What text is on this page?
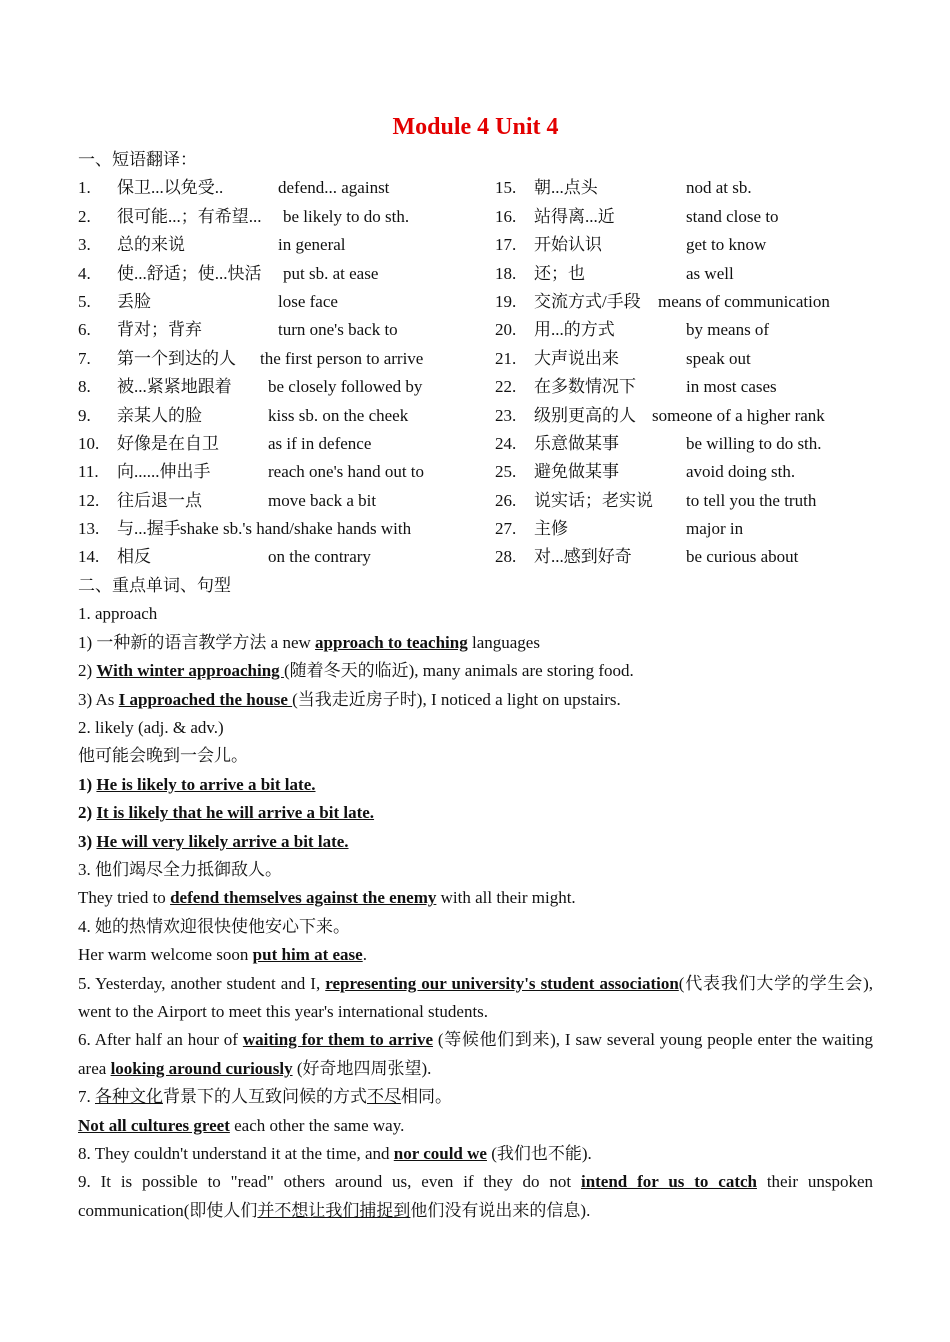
Module 4 Unit 4
一、短语翻译：
1. 保卫...以免受..	defend... against
2. 很可能...；有希望... be likely to do sth.
3. 总的来说	in general
4. 使...舒适；使...快活 put sb. at ease
5. 丢脸	lose face
6. 背对；背弃	turn one's back to
7. 第一个到达的人 the first person to arrive
8. 被...紧紧地跟着 be closely followed by
9. 亲某人的脸	kiss sb. on the cheek
10. 好像是在自卫	as if in defence
11. 向......伸出手	reach one's hand out to
12. 往后退一点	move back a bit
13. 与...握手 shake sb.'s hand/shake hands with
14. 相反	on the contrary
15. 朝...点头	nod at sb.
16. 站得离...近	stand close to
17. 开始认识	get to know
18. 还；也	as well
19. 交流方式/手段 means of communication
20. 用...的方式	by means of
21. 大声说出来	speak out
22. 在多数情况下	in most cases
23. 级别更高的人 someone of a higher rank
24. 乐意做某事	be willing to do sth.
25. 避免做某事	avoid doing sth.
26. 说实话；老实说 to tell you the truth
27. 主修	major in
28. 对...感到好奇	be curious about
二、重点单词、句型
1. approach
1) 一种新的语言教学方法 a new approach to teaching languages
2) With winter approaching (随着冬天的临近), many animals are storing food.
3) As I approached the house (当我走近房子时), I noticed a light on upstairs.
2. likely (adj. & adv.)
他可能会晚到一会儿。
1) He is likely to arrive a bit late.
2) It is likely that he will arrive a bit late.
3) He will very likely arrive a bit late.
3. 他们竭尽全力抵御敌人。
They tried to defend themselves against the enemy with all their might.
4. 她的热情欢迎很快使他安心下来。
Her warm welcome soon put him at ease.
5. Yesterday, another student and I, representing our university's student association(代表我们大学的学生会), went to the Airport to meet this year's international students.
6. After half an hour of waiting for them to arrive (等候他们到来), I saw several young people enter the waiting area looking around curiously (好奇地四周张望).
7. 各种文化背景下的人互致问候的方式不尽相同。
Not all cultures greet each other the same way.
8. They couldn't understand it at the time, and nor could we (我们也不能).
9. It is possible to "read" others around us, even if they do not intend for us to catch their unspoken communication(即使人们并不想让我们捕捉到他们没有说出来的信息).
